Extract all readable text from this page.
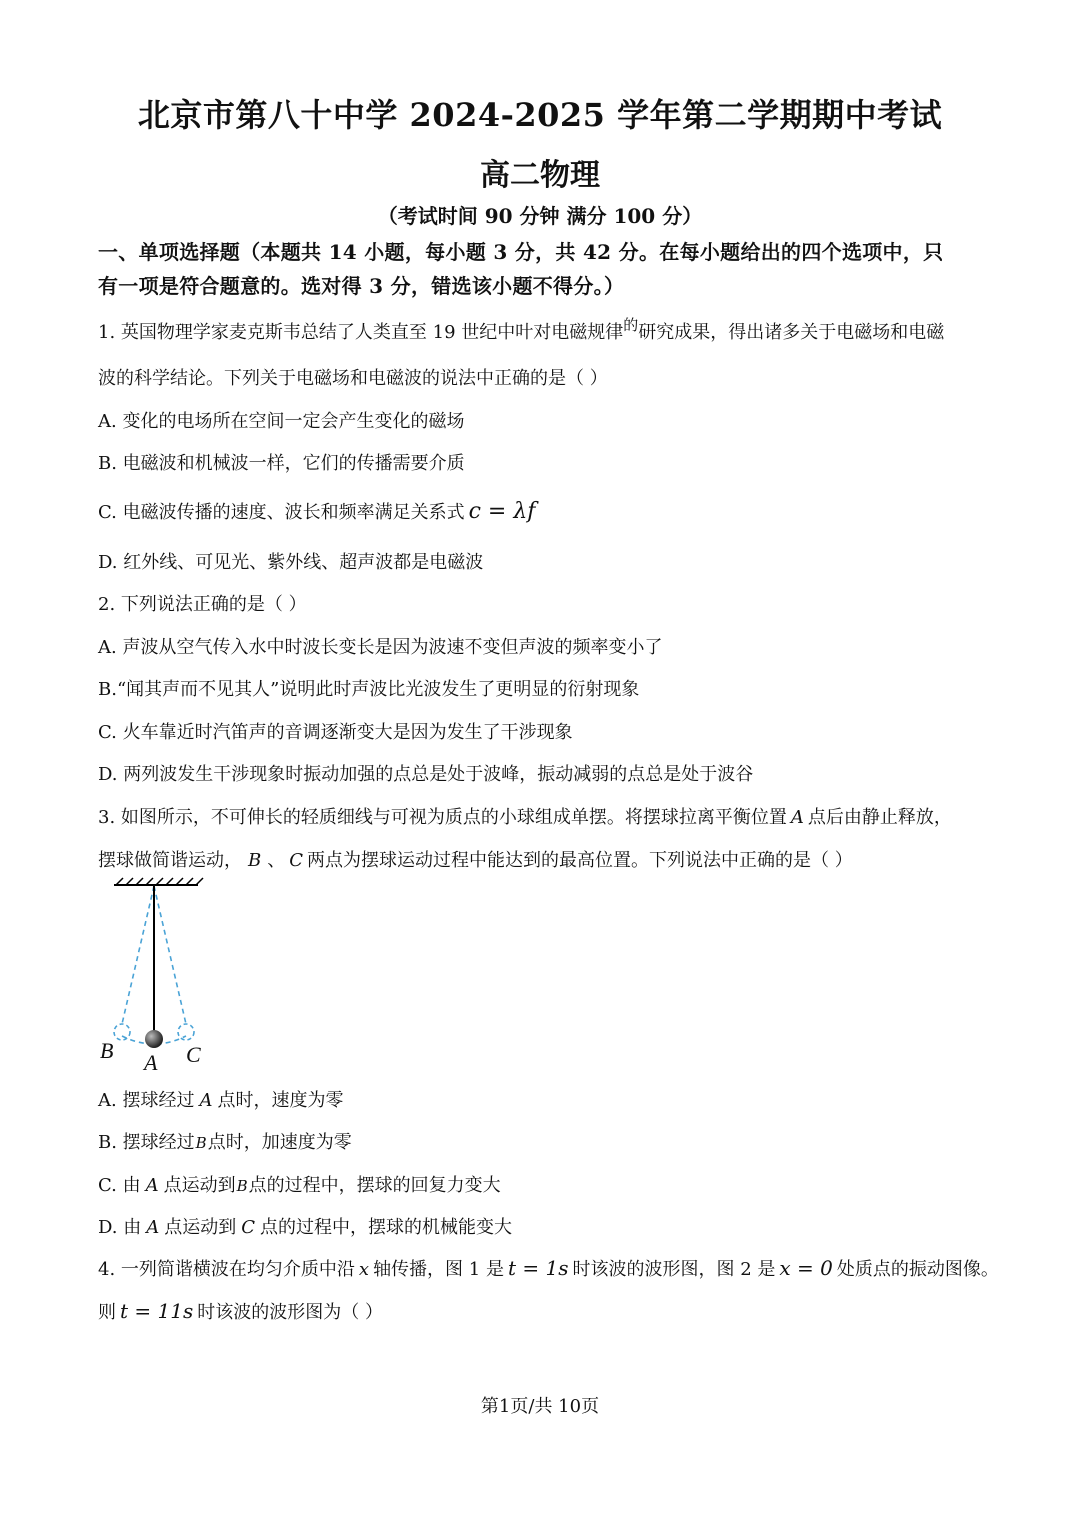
北京市第八十中学 2024-2025 学年第二学期期中考试
高二物理
（考试时间 90 分钟 满分 100 分）
一、单项选择题（本题共 14 小题，每小题 3 分，共 42 分。在每小题给出的四个选项中，只
有一项是符合题意的。选对得 3 分，错选该小题不得分。）
1. 英国物理学家麦克斯韦总结了人类直至 19 世纪中叶对电磁规律$^的$研究成果，得出诸多关于电磁场和电磁
波的科学结论。下列关于电磁场和电磁波的说法中正确的是（ ）
A. 变化的电场所在空间一定会产生变化的磁场
B. 电磁波和机械波一样，它们的传播需要介质
C. 电磁波传播的速度、波长和频率满足关系式 c = λf
D. 红外线、可见光、紫外线、超声波都是电磁波
2. 下列说法正确的是（ ）
A. 声波从空气传入水中时波长变长是因为波速不变但声波的频率变小了
B.“闻其声而不见其人”说明此时声波比光波发生了更明显的衍射现象
C. 火车靠近时汽笛声的音调逐渐变大是因为发生了干涉现象
D. 两列波发生干涉现象时振动加强的点总是处于波峰，振动减弱的点总是处于波谷
3. 如图所示，不可伸长的轻质细线与可视为质点的小球组成单摆。将摆球拉离平衡位置 A 点后由静止释放，
摆球做简谐运动， B 、 C 两点为摆球运动过程中能达到的最高位置。下列说法中正确的是（ ）
B A C
A. 摆球经过 A 点时，速度为零
B. 摆球经过B点时，加速度为零
C. 由 A 点运动到B点的过程中，摆球的回复力变大
D. 由 A 点运动到 C 点的过程中，摆球的机械能变大
4. 一列简谐横波在均匀介质中沿 x 轴传播，图 1 是 t = 1s 时该波的波形图，图 2 是 x = 0 处质点的振动图像。
则 t = 11s 时该波的波形图为（ ）
第1页/共 10页
